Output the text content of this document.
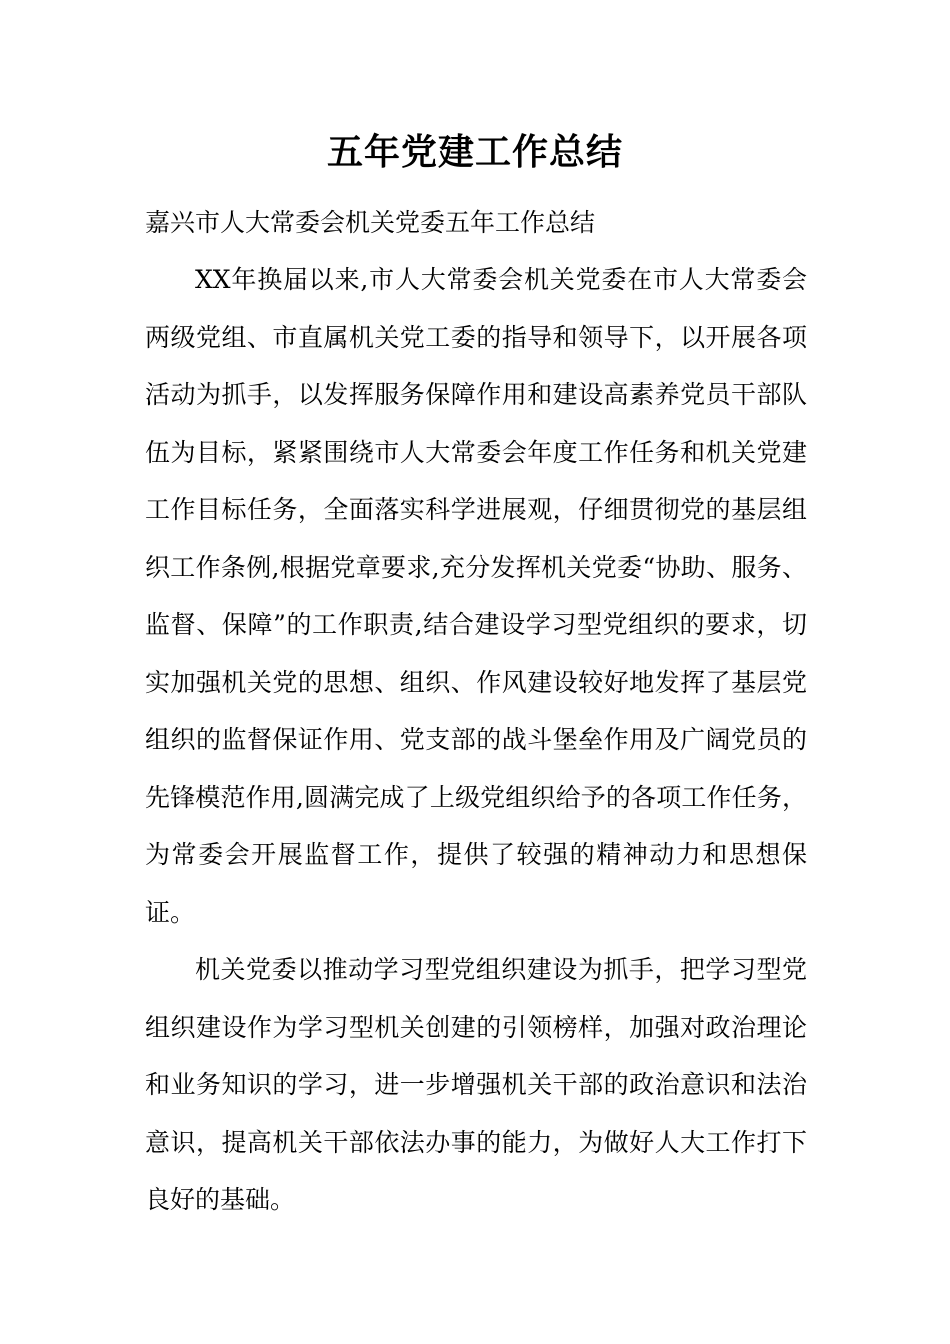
五年党建工作总结
嘉兴市人大常委会机关党委五年工作总结

XX年换届以来,市人大常委会机关党委在市人大常委会两级党组、市直属机关党工委的指导和领导下，以开展各项活动为抓手，以发挥服务保障作用和建设高素养党员干部队伍为目标，紧紧围绕市人大常委会年度工作任务和机关党建工作目标任务，全面落实科学进展观，仔细贯彻党的基层组织工作条例,根据党章要求,充分发挥机关党委“协助、服务、监督、保障”的工作职责,结合建设学习型党组织的要求，切实加强机关党的思想、组织、作风建设较好地发挥了基层党组织的监督保证作用、党支部的战斗堡垒作用及广阔党员的先锋模范作用,圆满完成了上级党组织给予的各项工作任务，为常委会开展监督工作，提供了较强的精神动力和思想保证。

机关党委以推动学习型党组织建设为抓手，把学习型党组织建设作为学习型机关创建的引领榜样，加强对政治理论和业务知识的学习，进一步增强机关干部的政治意识和法治意识，提高机关干部依法办事的能力，为做好人大工作打下良好的基础。
